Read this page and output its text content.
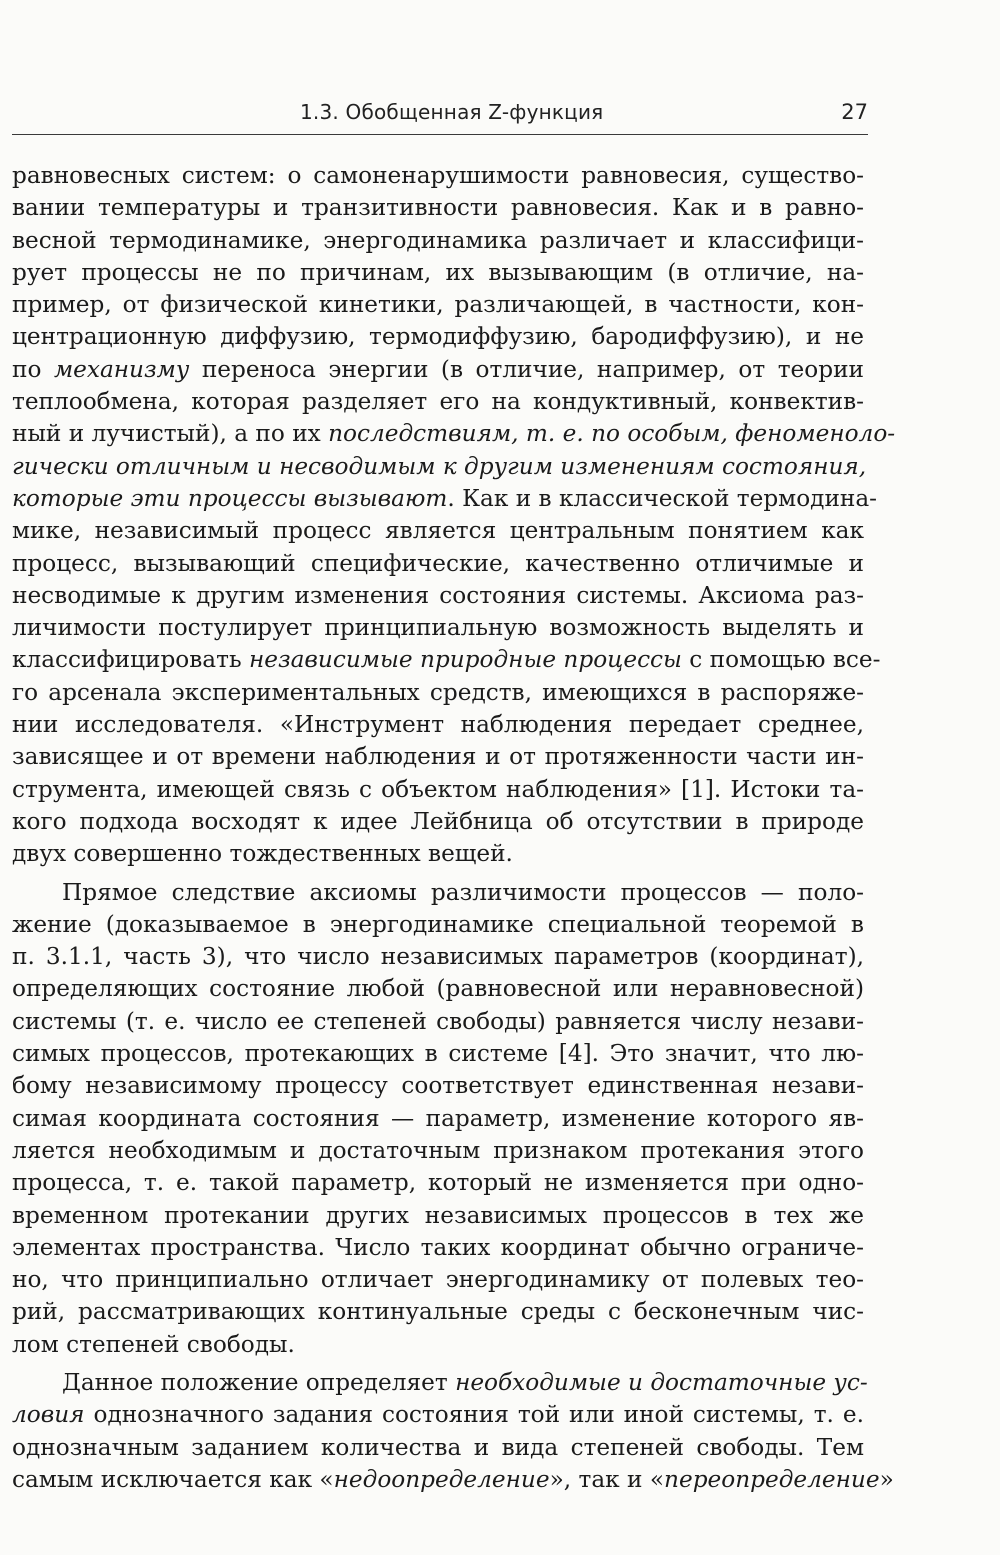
1.3. Обобщенная Z-функция	27
равновесных систем: о самоненарушимости равновесия, существо-
вании температуры и транзитивности равновесия. Как и в равно-
весной термодинамике, энергодинамика различает и классифици-
рует процессы не по причинам, их вызывающим (в отличие, на-
пример, от физической кинетики, различающей, в частности, кон-
центрационную диффузию, термодиффузию, бародиффузию), и не
по механизму переноса энергии (в отличие, например, от теории
теплообмена, которая разделяет его на кондуктивный, конвектив-
ный и лучистый), а по их последствиям, т. е. по особым, феноменоло-
гически отличным и несводимым к другим изменениям состояния,
которые эти процессы вызывают. Как и в классической термодина-
мике, независимый процесс является центральным понятием как
процесс, вызывающий специфические, качественно отличимые и
несводимые к другим изменения состояния системы. Аксиома раз-
личимости постулирует принципиальную возможность выделять и
классифицировать независимые природные процессы с помощью все-
го арсенала экспериментальных средств, имеющихся в распоряже-
нии исследователя. «Инструмент наблюдения передает среднее,
зависящее и от времени наблюдения и от протяженности части ин-
струмента, имеющей связь с объектом наблюдения» [1]. Истоки та-
кого подхода восходят к идее Лейбница об отсутствии в природе
двух совершенно тождественных вещей.
Прямое следствие аксиомы различимости процессов — поло-
жение (доказываемое в энергодинамике специальной теоремой в
п. 3.1.1, часть 3), что число независимых параметров (координат),
определяющих состояние любой (равновесной или неравновесной)
системы (т. е. число ее степеней свободы) равняется числу незави-
симых процессов, протекающих в системе [4]. Это значит, что лю-
бому независимому процессу соответствует единственная незави-
симая координата состояния — параметр, изменение которого яв-
ляется необходимым и достаточным признаком протекания этого
процесса, т. е. такой параметр, который не изменяется при одно-
временном протекании других независимых процессов в тех же
элементах пространства. Число таких координат обычно ограниче-
но, что принципиально отличает энергодинамику от полевых тео-
рий, рассматривающих континуальные среды с бесконечным чис-
лом степеней свободы.
Данное положение определяет необходимые и достаточные ус-
ловия однозначного задания состояния той или иной системы, т. е.
однозначным заданием количества и вида степеней свободы. Тем
самым исключается как «недоопределение», так и «переопределение»
